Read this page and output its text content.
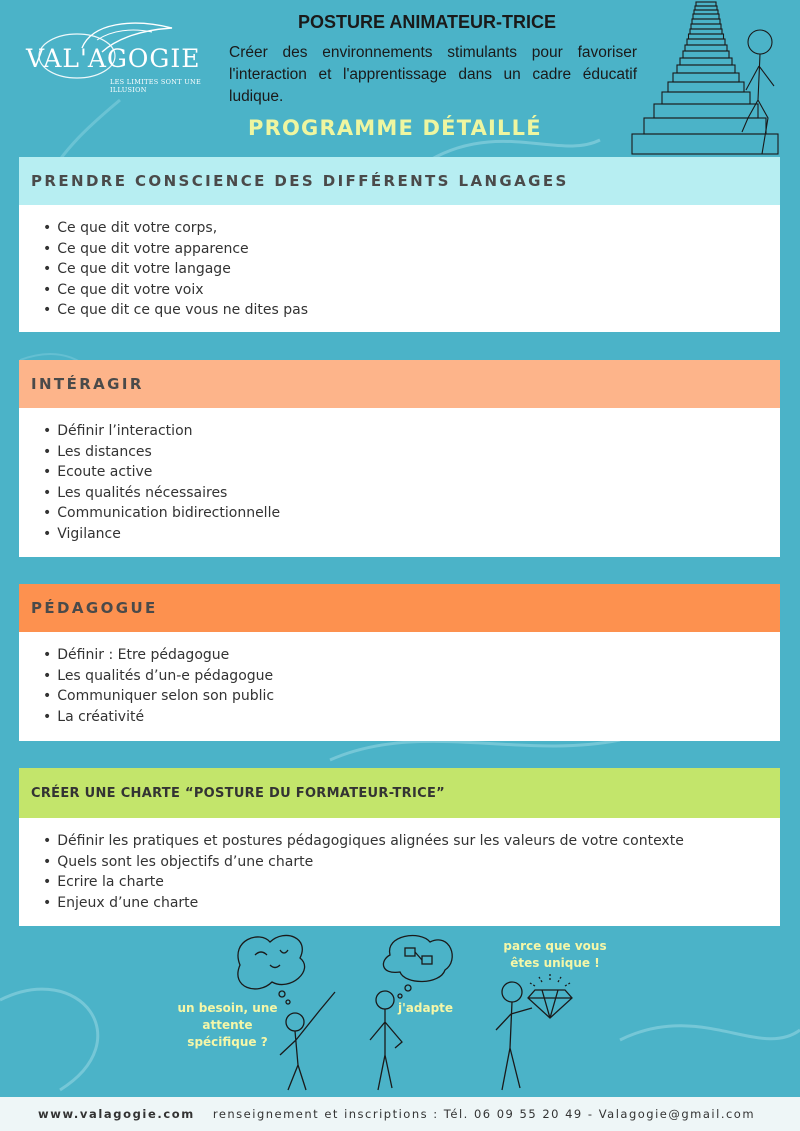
VAL'AGOGIE
LES LIMITES SONT UNE ILLUSION
POSTURE ANIMATEUR-TRICE
Créer des environnements stimulants pour favoriser l'interaction et l'apprentissage dans un cadre éducatif ludique.
PROGRAMME DÉTAILLÉ
PRENDRE CONSCIENCE DES DIFFÉRENTS LANGAGES
• Ce que dit votre corps,
• Ce que dit votre apparence
• Ce que dit votre langage
• Ce que dit votre voix
• Ce que dit ce que vous ne dites pas
INTÉRAGIR
• Définir l’interaction
• Les distances
• Ecoute active
• Les qualités nécessaires
• Communication bidirectionnelle
• Vigilance
PÉDAGOGUE
• Définir : Etre pédagogue
• Les qualités d’un-e pédagogue
• Communiquer selon son public
• La créativité
CRÉER UNE CHARTE “POSTURE DU FORMATEUR-TRICE”
• Définir les pratiques et postures pédagogiques alignées sur les valeurs de votre contexte
• Quels sont les objectifs d’une charte
• Ecrire la charte
• Enjeux d’une charte
un besoin, une
attente
spécifique ?
j'adapte
parce que vous
êtes unique !
www.valagogie.com renseignement et inscriptions : Tél. 06 09 55 20 49 - Valagogie@gmail.com
